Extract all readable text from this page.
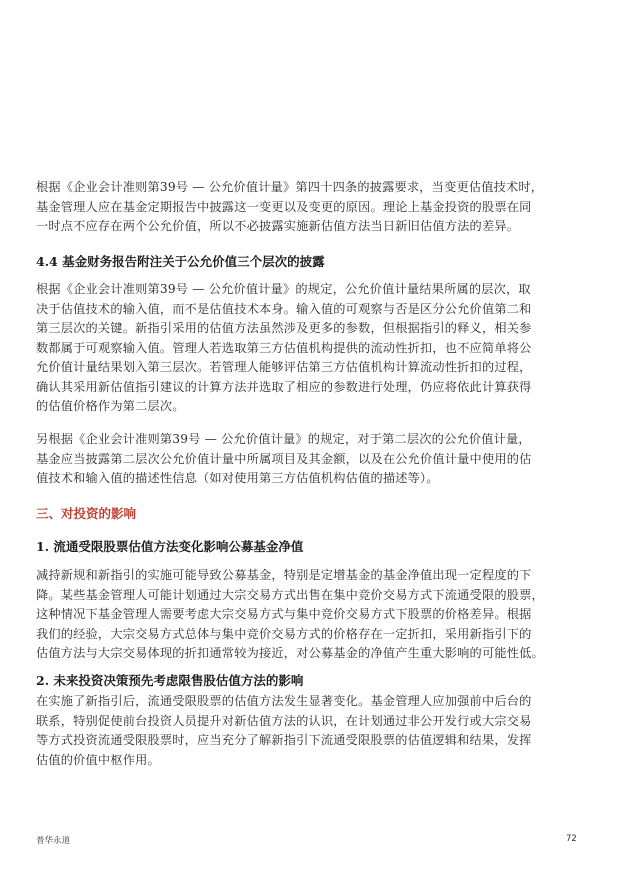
根据《企业会计准则第39号 — 公允价值计量》第四十四条的披露要求，当变更估值技术时，
基金管理人应在基金定期报告中披露这一变更以及变更的原因。理论上基金投资的股票在同
一时点不应存在两个公允价值，所以不必披露实施新估值方法当日新旧估值方法的差异。
4.4 基金财务报告附注关于公允价值三个层次的披露
根据《企业会计准则第39号 — 公允价值计量》的规定，公允价值计量结果所属的层次，取
决于估值技术的输入值，而不是估值技术本身。输入值的可观察与否是区分公允价值第二和
第三层次的关键。新指引采用的估值方法虽然涉及更多的参数，但根据指引的释义，相关参
数都属于可观察输入值。管理人若选取第三方估值机构提供的流动性折扣，也不应简单将公
允价值计量结果划入第三层次。若管理人能够评估第三方估值机构计算流动性折扣的过程，
确认其采用新估值指引建议的计算方法并选取了相应的参数进行处理，仍应将依此计算获得
的估值价格作为第二层次。
另根据《企业会计准则第39号 — 公允价值计量》的规定，对于第二层次的公允价值计量，
基金应当披露第二层次公允价值计量中所属项目及其金额，以及在公允价值计量中使用的估
值技术和输入值的描述性信息（如对使用第三方估值机构估值的描述等）。
三、对投资的影响
1. 流通受限股票估值方法变化影响公募基金净值
减持新规和新指引的实施可能导致公募基金，特别是定增基金的基金净值出现一定程度的下
降。某些基金管理人可能计划通过大宗交易方式出售在集中竞价交易方式下流通受限的股票，
这种情况下基金管理人需要考虑大宗交易方式与集中竞价交易方式下股票的价格差异。根据
我们的经验，大宗交易方式总体与集中竞价交易方式的价格存在一定折扣，采用新指引下的
估值方法与大宗交易体现的折扣通常较为接近，对公募基金的净值产生重大影响的可能性低。
2. 未来投资决策预先考虑限售股估值方法的影响
在实施了新指引后，流通受限股票的估值方法发生显著变化。基金管理人应加强前中后台的
联系，特别促使前台投资人员提升对新估值方法的认识，在计划通过非公开发行或大宗交易
等方式投资流通受限股票时，应当充分了解新指引下流通受限股票的估值逻辑和结果，发挥
估值的价值中枢作用。
普华永道	72
